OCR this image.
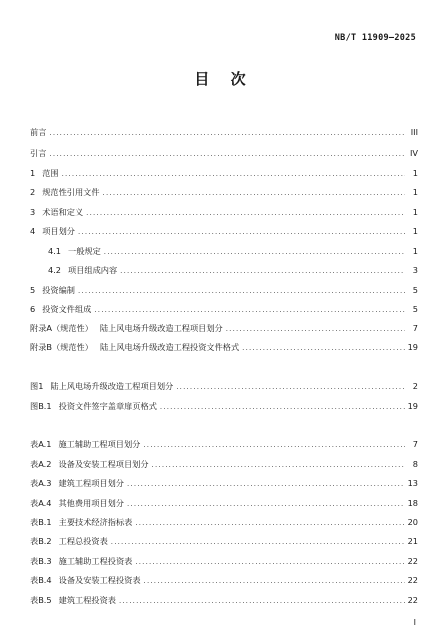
NB/T 11909—2025
目 次
前言 .....	III
引言 .....	IV
1 范围 .....	1
2 规范性引用文件 .....	1
3 术语和定义 .....	1
4 项目划分 .....	1
4.1 一般规定 .....	1
4.2 项目组成内容 .....	3
5 投资编制 .....	5
6 投资文件组成 .....	5
附录A（规范性） 陆上风电场升级改造工程项目划分 .....	7
附录B（规范性） 陆上风电场升级改造工程投资文件格式 .....	19
图1 陆上风电场升级改造工程项目划分 .....	2
图B.1 投资文件签字盖章扉页格式 .....	19
表A.1 施工辅助工程项目划分 .....	7
表A.2 设备及安装工程项目划分 .....	8
表A.3 建筑工程项目划分 .....	13
表A.4 其他费用项目划分 .....	18
表B.1 主要技术经济指标表 .....	20
表B.2 工程总投资表 .....	21
表B.3 施工辅助工程投资表 .....	22
表B.4 设备及安装工程投资表 .....	22
表B.5 建筑工程投资表 .....	22
I
